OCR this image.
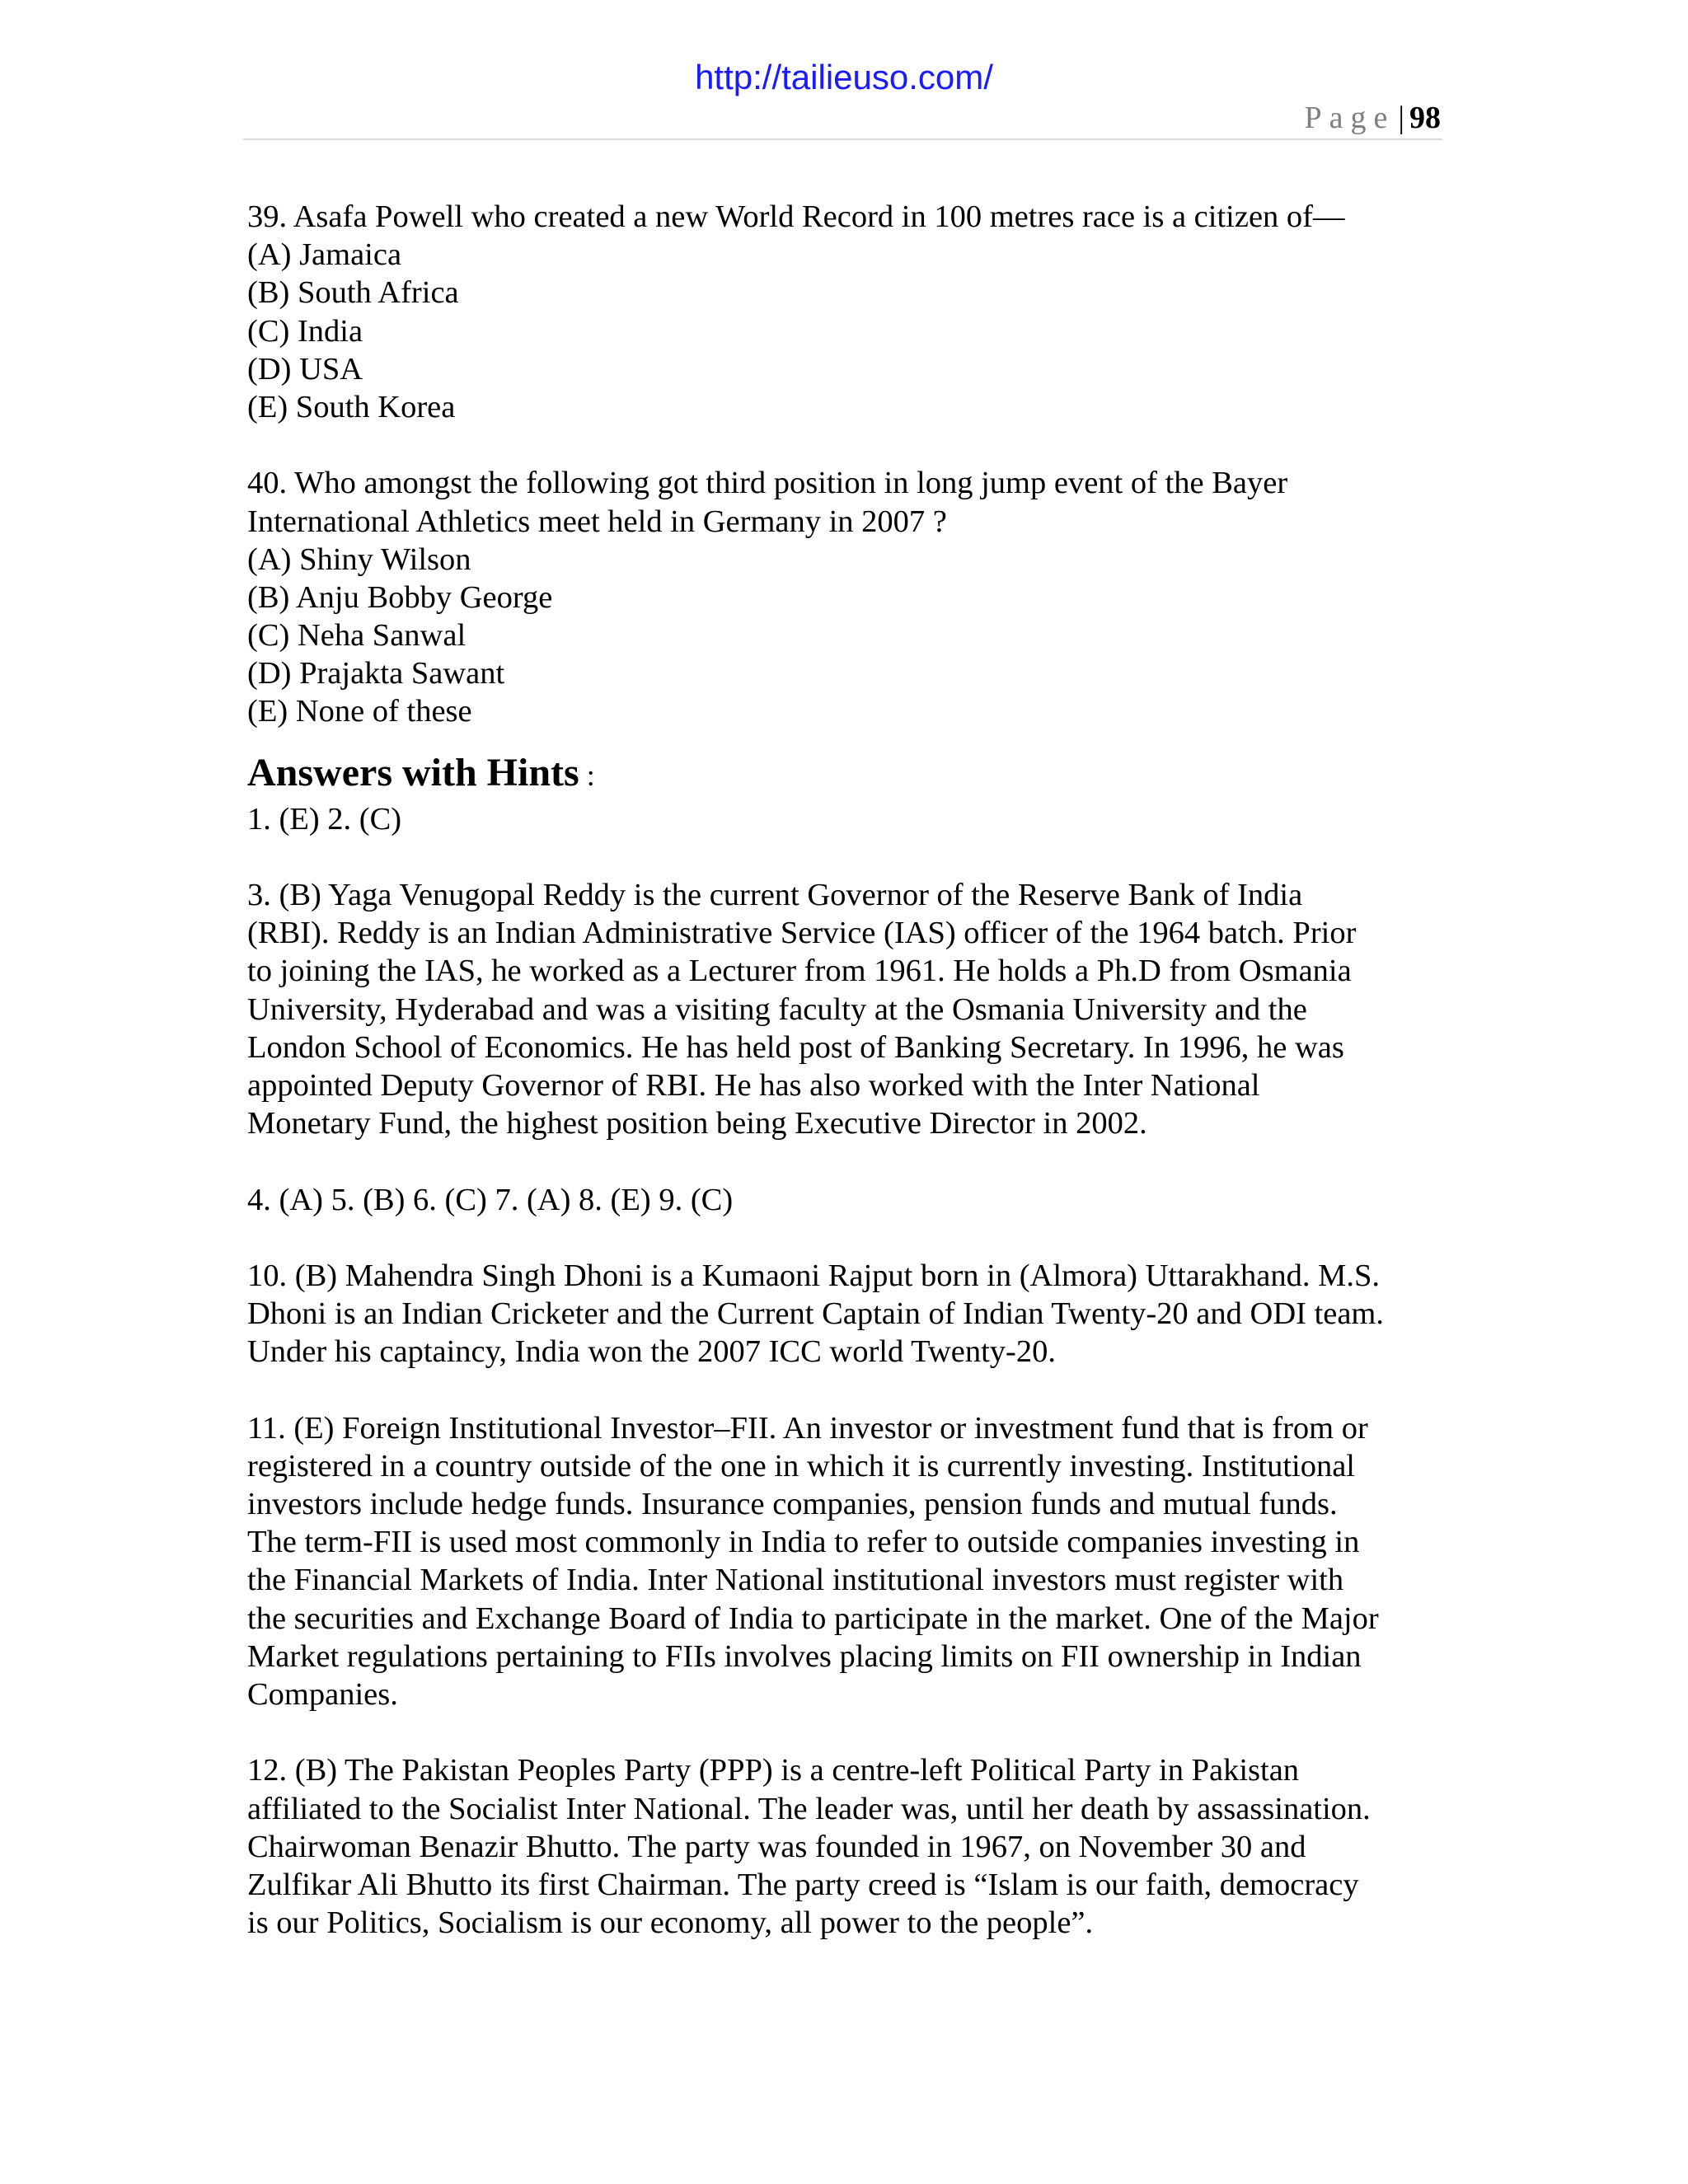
http://tailieuso.com/
Page | 98
39. Asafa Powell who created a new World Record in 100 metres race is a citizen of—
(A) Jamaica
(B) South Africa
(C) India
(D) USA
(E) South Korea
40. Who amongst the following got third position in long jump event of the Bayer
International Athletics meet held in Germany in 2007 ?
(A) Shiny Wilson
(B) Anju Bobby George
(C) Neha Sanwal
(D) Prajakta Sawant
(E) None of these
Answers with Hints :
1. (E) 2. (C)
3. (B) Yaga Venugopal Reddy is the current Governor of the Reserve Bank of India
(RBI). Reddy is an Indian Administrative Service (IAS) officer of the 1964 batch. Prior
to joining the IAS, he worked as a Lecturer from 1961. He holds a Ph.D from Osmania
University, Hyderabad and was a visiting faculty at the Osmania University and the
London School of Economics. He has held post of Banking Secretary. In 1996, he was
appointed Deputy Governor of RBI. He has also worked with the Inter National
Monetary Fund, the highest position being Executive Director in 2002.
4. (A) 5. (B) 6. (C) 7. (A) 8. (E) 9. (C)
10. (B) Mahendra Singh Dhoni is a Kumaoni Rajput born in (Almora) Uttarakhand. M.S.
Dhoni is an Indian Cricketer and the Current Captain of Indian Twenty-20 and ODI team.
Under his captaincy, India won the 2007 ICC world Twenty-20.
11. (E) Foreign Institutional Investor–FII. An investor or investment fund that is from or
registered in a country outside of the one in which it is currently investing. Institutional
investors include hedge funds. Insurance companies, pension funds and mutual funds.
The term-FII is used most commonly in India to refer to outside companies investing in
the Financial Markets of India. Inter National institutional investors must register with
the securities and Exchange Board of India to participate in the market. One of the Major
Market regulations pertaining to FIIs involves placing limits on FII ownership in Indian
Companies.
12. (B) The Pakistan Peoples Party (PPP) is a centre-left Political Party in Pakistan
affiliated to the Socialist Inter National. The leader was, until her death by assassination.
Chairwoman Benazir Bhutto. The party was founded in 1967, on November 30 and
Zulfikar Ali Bhutto its first Chairman. The party creed is “Islam is our faith, democracy
is our Politics, Socialism is our economy, all power to the people”.
